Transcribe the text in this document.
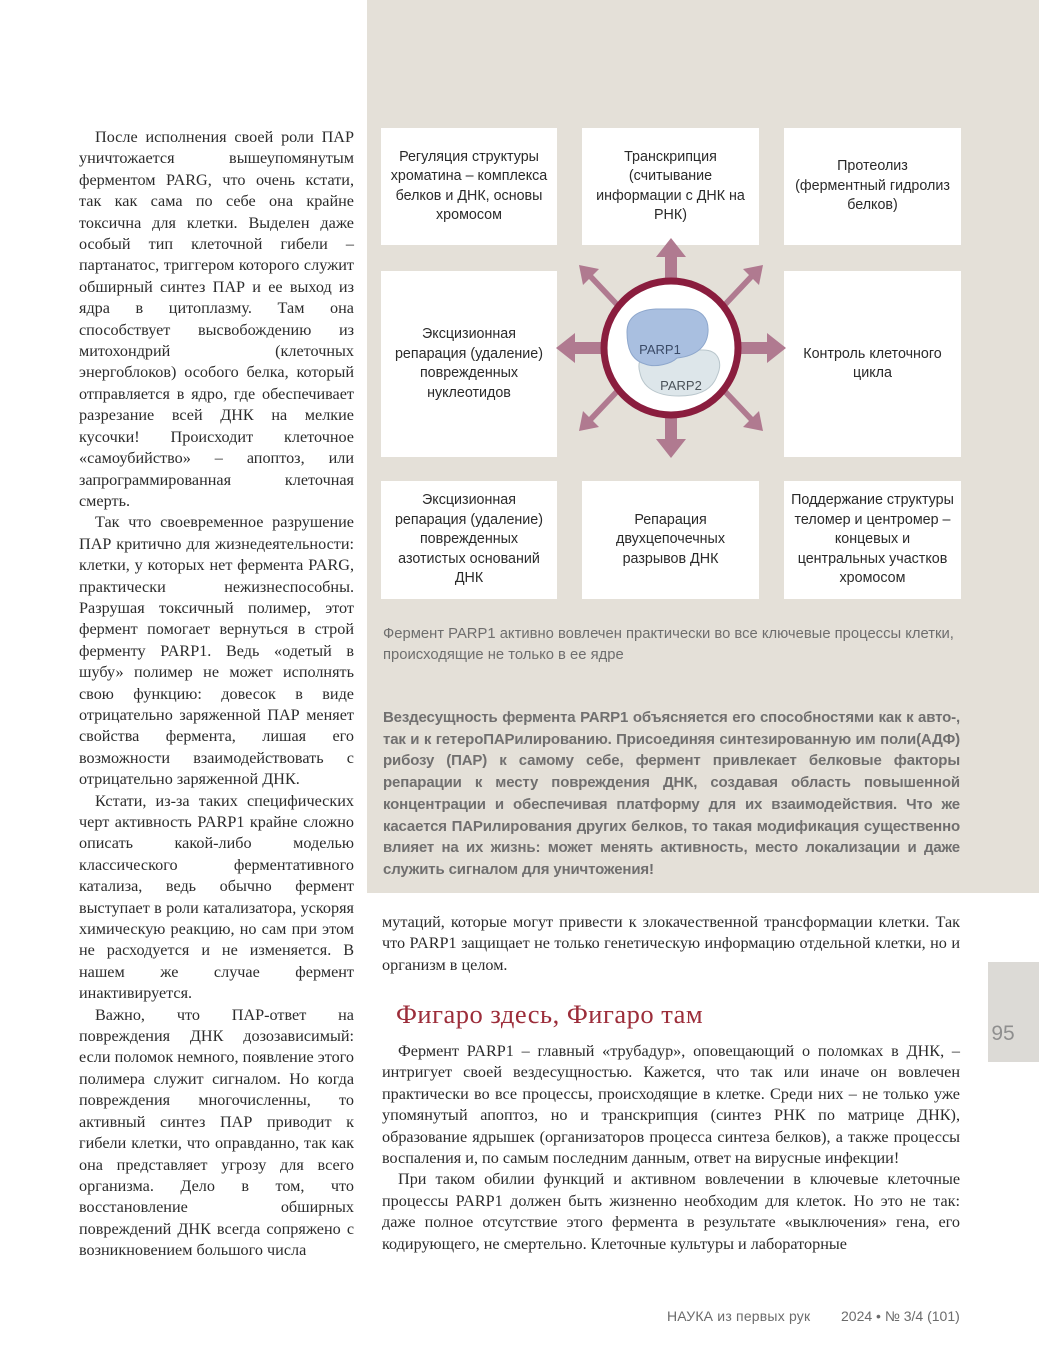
После исполнения своей роли ПАР уничтожается вышеупомянутым ферментом PARG, что очень кстати, так как сама по себе она крайне токсична для клетки. Выделен даже особый тип клеточной гибели – партанатос, триггером которого служит обширный синтез ПАР и ее выход из ядра в цитоплазму. Там она способствует высвобождению из митохондрий (клеточных энергоблоков) особого белка, который отправляется в ядро, где обеспечивает разрезание всей ДНК на мелкие кусочки! Происходит клеточное «самоубийство» – апоптоз, или запрограммированная клеточная смерть.

Так что своевременное разрушение ПАР критично для жизнедеятельности: клетки, у которых нет фермента PARG, практически нежизнеспособны. Разрушая токсичный полимер, этот фермент помогает вернуться в строй ферменту PARP1. Ведь «одетый в шубу» полимер не может исполнять свою функцию: довесок в виде отрицательно заряженной ПАР меняет свойства фермента, лишая его возможности взаимодействовать с отрицательно заряженной ДНК.

Кстати, из-за таких специфических черт активность PARP1 крайне сложно описать какой-либо моделью классического ферментативного катализа, ведь обычно фермент выступает в роли катализатора, ускоряя химическую реакцию, но сам при этом не расходуется и не изменяется. В нашем же случае фермент инактивируется.

Важно, что ПАР-ответ на повреждения ДНК дозозависимый: если поломок немного, появление этого полимера служит сигналом. Но когда повреждения многочисленны, то активный синтез ПАР приводит к гибели клетки, что оправданно, так как она представляет угрозу для всего организма. Дело в том, что восстановление обширных повреждений ДНК всегда сопряжено с возникновением большого числа

Регуляция структуры хроматина – комплекса белков и ДНК, основы хромосом
Транскрипция (считывание информации с ДНК на РНК)
Протеолиз (ферментный гидролиз белков)
Эксцизионная репарация (удаление) поврежденных нуклеотидов
Контроль клеточного цикла
Эксцизионная репарация (удаление) поврежденных азотистых оснований ДНК
Репарация двухцепочечных разрывов ДНК
Поддержание структуры теломер и центромер – концевых и центральных участков хромосом
PARP1
PARP2

Фермент PARP1 активно вовлечен практически во все ключевые процессы клетки, происходящие не только в ее ядре

Вездесущность фермента PARP1 объясняется его способностями как к авто-, так и к гетероПАРилированию. Присоединяя синтезированную им поли(АДФ) рибозу (ПАР) к самому себе, фермент привлекает белковые факторы репарации к месту повреждения ДНК, создавая область повышенной концентрации и обеспечивая платформу для их взаимодействия. Что же касается ПАРилирования других белков, то такая модификация существенно влияет на их жизнь: может менять активность, место локализации и даже служить сигналом для уничтожения!

мутаций, которые могут привести к злокачественной трансформации клетки. Так что PARP1 защищает не только генетическую информацию отдельной клетки, но и организм в целом.

Фигаро здесь, Фигаро там

Фермент PARP1 – главный «трубадур», оповещающий о поломках в ДНК, – интригует своей вездесущностью. Кажется, что так или иначе он вовлечен практически во все процессы, происходящие в клетке. Среди них – не только уже упомянутый апоптоз, но и транскрипция (синтез РНК по матрице ДНК), образование ядрышек (организаторов процесса синтеза белков), а также процессы воспаления и, по самым последним данным, ответ на вирусные инфекции!

При таком обилии функций и активном вовлечении в ключевые клеточные процессы PARP1 должен быть жизненно необходим для клеток. Но это не так: даже полное отсутствие этого фермента в результате «выключения» гена, его кодирующего, не смертельно. Клеточные культуры и лабораторные

95
НАУКА из первых рук 2024 • № 3/4 (101)
